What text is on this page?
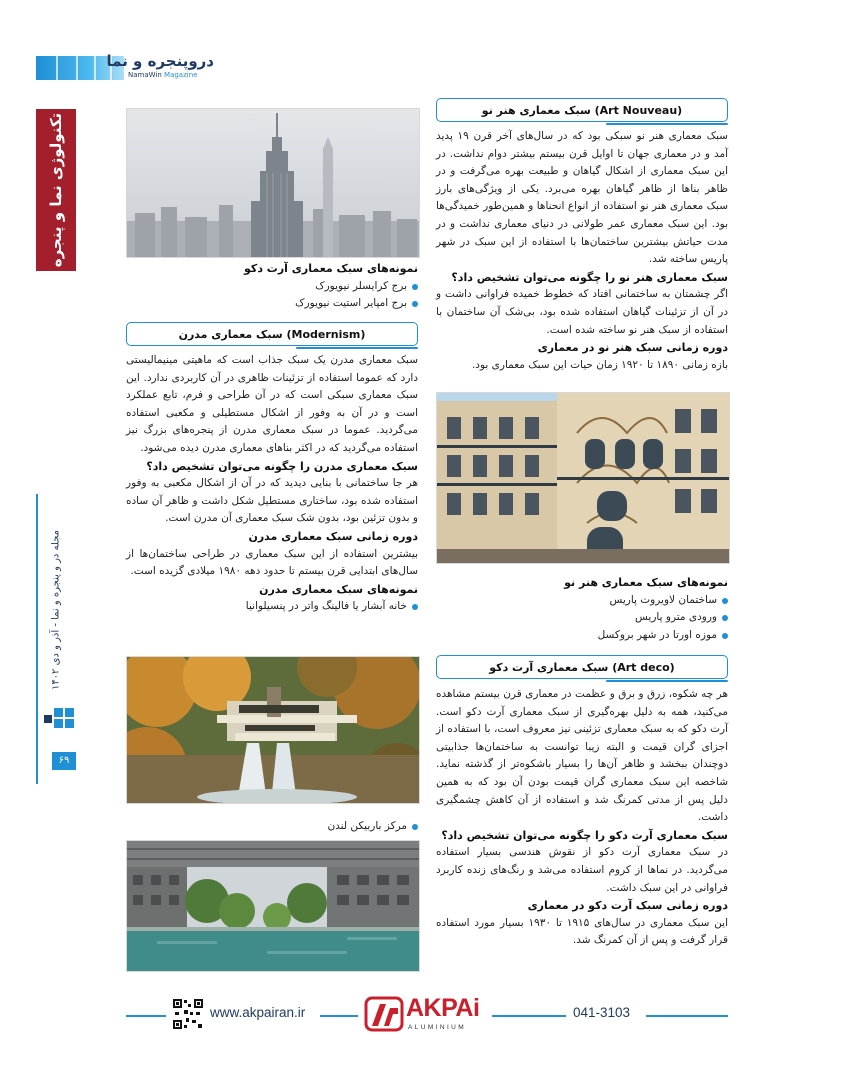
دروپنجره و نما
NamaWin Magazine
تکنولوژی نما و پنجره
مجله در و پنجره و نما - آذر و دی ۱۴۰۲
۶۹
سبک معماری هنر نو (Art Nouveau)

سبک معماری هنر نو سبکی بود که در سال‌های آخر قرن ۱۹ پدید آمد و در معماری جهان تا اوایل قرن بیستم بیشتر دوام نداشت. در این سبک معماری از اشکال گیاهان و طبیعت بهره می‌گرفت و در ظاهر بناها از ظاهر گیاهان بهره می‌برد. یکی از ویژگی‌های بارز سبک معماری هنر نو استفاده از انواع انحناها و همین‌طور خمیدگی‌ها بود. این سبک معماری عمر طولانی در دنیای معماری نداشت و در مدت حیاتش بیشترین ساختمان‌ها با استفاده از این سبک در شهر پاریس ساخته شد.

سبک معماری هنر نو را چگونه می‌توان تشخیص داد؟

اگر چشمتان به ساختمانی افتاد که خطوط خمیده فراوانی داشت و در آن از تزئینات گیاهان استفاده شده بود، بی‌شک آن ساختمان با استفاده از سبک هنر نو ساخته شده است.

دوره زمانی سبک هنر نو در معماری

بازه زمانی ۱۸۹۰ تا ۱۹۲۰ زمان حیات این سبک معماری بود.

نمونه‌های سبک معماری هنر نو
ساختمان لاویروت پاریس
ورودی مترو پاریس
موزه اورتا در شهر بروکسل
سبک معماری آرت دکو (Art deco)

هر چه شکوه، زرق و برق و عظمت در معماری قرن بیستم مشاهده می‌کنید، همه به دلیل بهره‌گیری از سبک معماری آرت دکو است. آرت دکو که به سبک معماری تزئینی نیز معروف است، با استفاده از اجزای گران قیمت و البته زیبا توانست به ساختمان‌ها جذابیتی دوچندان ببخشد و ظاهر آن‌ها را بسیار باشکوه‌تر از گذشته نماید. شاخصه این سبک معماری گران قیمت بودن آن بود که به همین دلیل پس از مدتی کمرنگ شد و استفاده از آن کاهش چشمگیری داشت.

سبک معماری آرت دکو را چگونه می‌توان تشخیص داد؟

در سبک معماری آرت دکو از نقوش هندسی بسیار استفاده می‌گردید. در نماها از کروم استفاده می‌شد و رنگ‌های زنده کاربرد فراوانی در این سبک داشت.

دوره زمانی سبک آرت دکو در معماری

این سبک معماری در سال‌های ۱۹۱۵ تا ۱۹۳۰ بسیار مورد استفاده قرار گرفت و پس از آن کمرنگ شد.

نمونه‌های سبک معماری آرت دکو
برج کرایسلر نیویورک
برج امپایر استیت نیویورک
سبک معماری مدرن (Modernism)

سبک معماری مدرن یک سبک جذاب است که ماهیتی مینیمالیستی دارد که عموما استفاده از تزئینات ظاهری در آن کاربردی ندارد. این سبک معماری سبکی است که در آن طراحی و فرم، تابع عملکرد است و در آن به وفور از اشکال مستطیلی و مکعبی استفاده می‌گردید. عموما در سبک معماری مدرن از پنجره‌های بزرگ نیز استفاده می‌گردید که در اکثر بناهای معماری مدرن دیده می‌شود.

سبک معماری مدرن را چگونه می‌توان تشخیص داد؟

هر جا ساختمانی با بنایی دیدید که در آن از اشکال مکعبی به وفور استفاده شده بود، ساختاری مستطیل شکل داشت و ظاهر آن ساده و بدون تزئین بود، بدون شک سبک معماری آن مدرن است.

دوره زمانی سبک معماری مدرن

بیشترین استفاده از این سبک معماری در طراحی ساختمان‌ها از سال‌های ابتدایی قرن بیستم تا حدود دهه ۱۹۸۰ میلادی گزیده است.

نمونه‌های سبک معماری مدرن
خانه آبشار یا فالینگ واتر در پنسیلوانیا
مرکز باربیکن لندن
www.akpairan.ir	AKPAi
ALUMINIUM
041-3103
